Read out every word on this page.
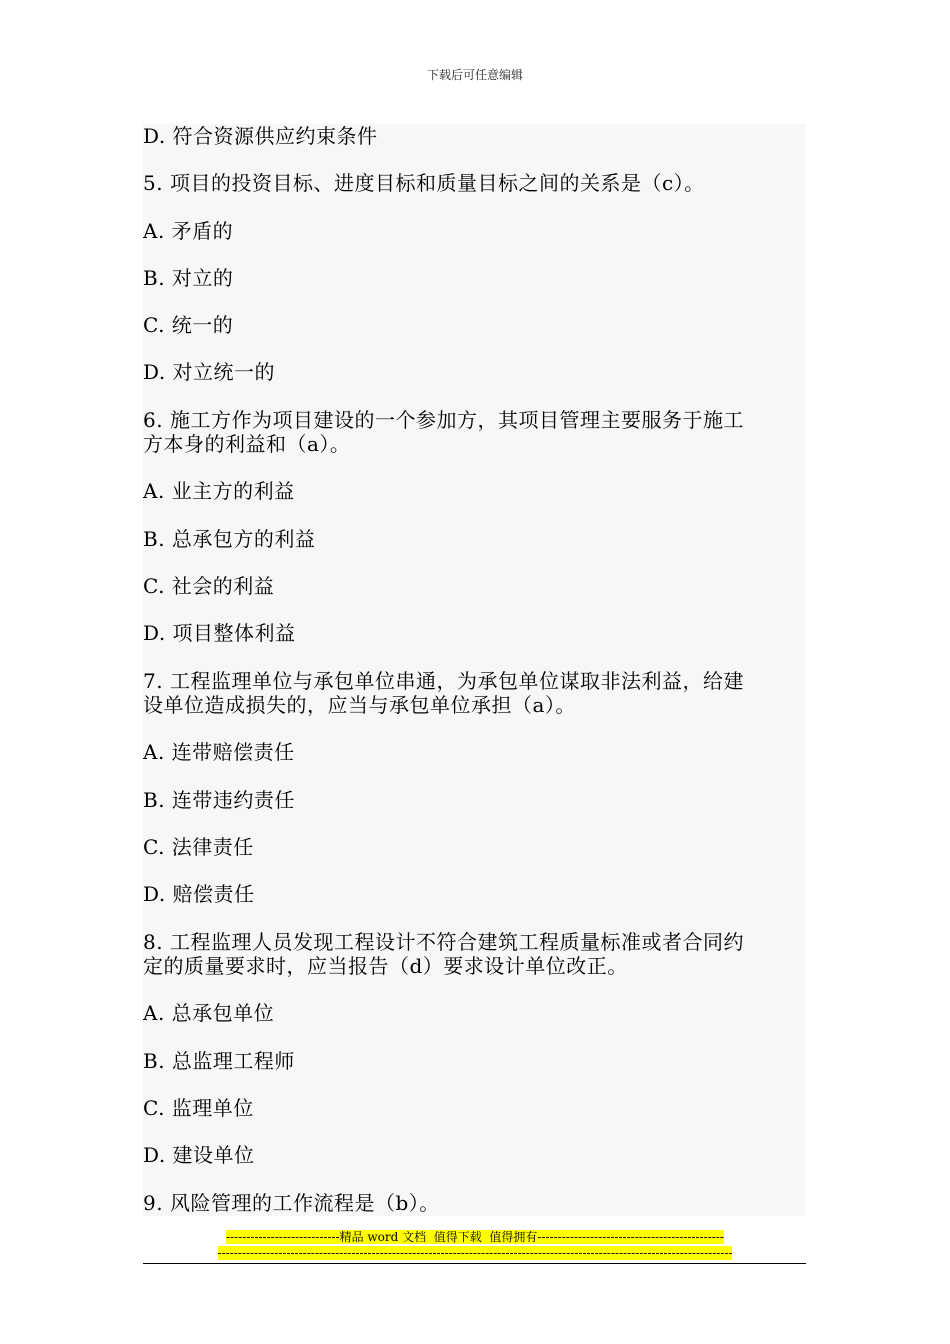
下载后可任意编辑
D. 符合资源供应约束条件
5. 项目的投资目标、进度目标和质量目标之间的关系是（c）。
A. 矛盾的
B. 对立的
C. 统一的
D. 对立统一的
6. 施工方作为项目建设的一个参加方，其项目管理主要服务于施工
方本身的利益和（a）。
A. 业主方的利益
B. 总承包方的利益
C. 社会的利益
D. 项目整体利益
7. 工程监理单位与承包单位串通，为承包单位谋取非法利益，给建
设单位造成损失的，应当与承包单位承担（a）。
A. 连带赔偿责任
B. 连带违约责任
C. 法律责任
D. 赔偿责任
8. 工程监理人员发现工程设计不符合建筑工程质量标准或者合同约
定的质量要求时，应当报告（d）要求设计单位改正。
A. 总承包单位
B. 总监理工程师
C. 监理单位
D. 建设单位
9. 风险管理的工作流程是（b）。
----------------------------精品 word 文档  值得下载  值得拥有----------------------------------------------
-------------------------------------------------------------------------------------------------------------------------------
